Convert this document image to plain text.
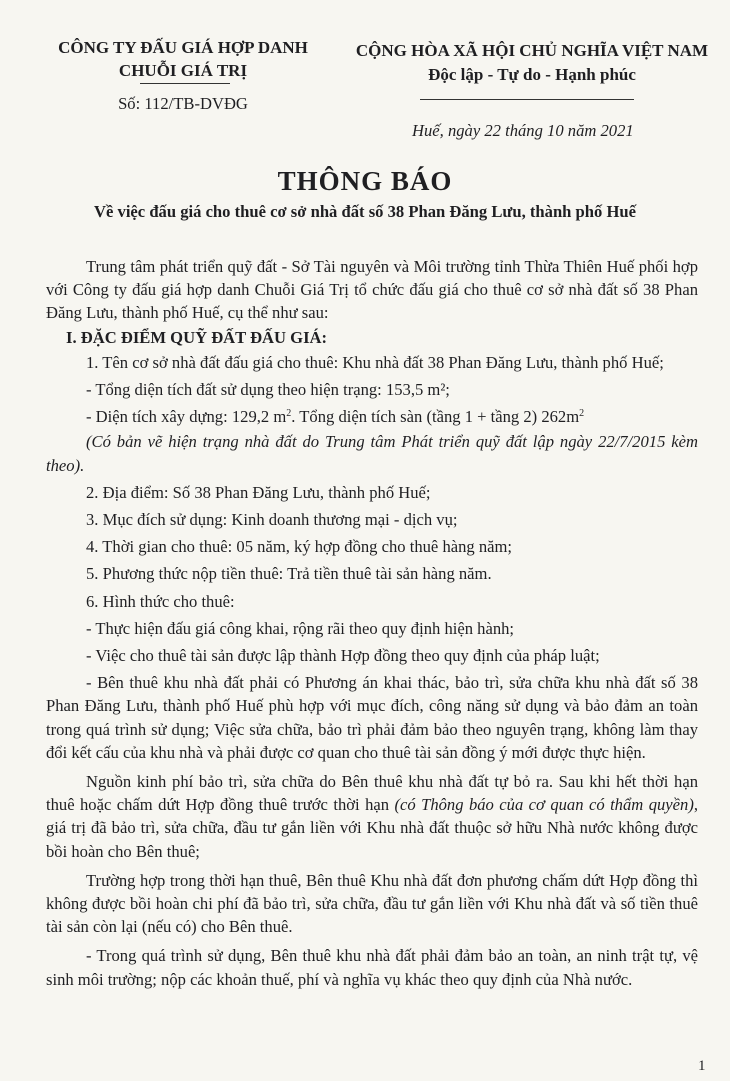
CÔNG TY ĐẤU GIÁ HỢP DANH
CHUỖI GIÁ TRỊ
Số: 112/TB-DVĐG
CỘNG HÒA XÃ HỘI CHỦ NGHĨA VIỆT NAM
Độc lập - Tự do - Hạnh phúc
Huế, ngày 22 tháng 10 năm 2021
THÔNG BÁO
Về việc đấu giá cho thuê cơ sở nhà đất số 38 Phan Đăng Lưu, thành phố Huế

Trung tâm phát triển quỹ đất - Sở Tài nguyên và Môi trường tỉnh Thừa Thiên Huế phối hợp với Công ty đấu giá hợp danh Chuỗi Giá Trị tổ chức đấu giá cho thuê cơ sở nhà đất số 38 Phan Đăng Lưu, thành phố Huế, cụ thể như sau:

I. ĐẶC ĐIỂM QUỸ ĐẤT ĐẤU GIÁ:

1. Tên cơ sở nhà đất đấu giá cho thuê: Khu nhà đất 38 Phan Đăng Lưu, thành phố Huế;

- Tổng diện tích đất sử dụng theo hiện trạng: 153,5 m²;

- Diện tích xây dựng: 129,2 $m^2$. Tổng diện tích sàn (tầng 1 + tầng 2) $262m^2$

(Có bản vẽ hiện trạng nhà đất do Trung tâm Phát triển quỹ đất lập ngày 22/7/2015 kèm theo).

2. Địa điểm: Số 38 Phan Đăng Lưu, thành phố Huế;

3. Mục đích sử dụng: Kinh doanh thương mại - dịch vụ;

4. Thời gian cho thuê: 05 năm, ký hợp đồng cho thuê hàng năm;

5. Phương thức nộp tiền thuê: Trả tiền thuê tài sản hàng năm.

6. Hình thức cho thuê:

- Thực hiện đấu giá công khai, rộng rãi theo quy định hiện hành;

- Việc cho thuê tài sản được lập thành Hợp đồng theo quy định của pháp luật;

- Bên thuê khu nhà đất phải có Phương án khai thác, bảo trì, sửa chữa khu nhà đất số 38 Phan Đăng Lưu, thành phố Huế phù hợp với mục đích, công năng sử dụng và bảo đảm an toàn trong quá trình sử dụng; Việc sửa chữa, bảo trì phải đảm bảo theo nguyên trạng, không làm thay đổi kết cấu của khu nhà và phải được cơ quan cho thuê tài sản đồng ý mới được thực hiện.

Nguồn kinh phí bảo trì, sửa chữa do Bên thuê khu nhà đất tự bỏ ra. Sau khi hết thời hạn thuê hoặc chấm dứt Hợp đồng thuê trước thời hạn (có Thông báo của cơ quan có thẩm quyền), giá trị đã bảo trì, sửa chữa, đầu tư gắn liền với Khu nhà đất thuộc sở hữu Nhà nước không được bồi hoàn cho Bên thuê;

Trường hợp trong thời hạn thuê, Bên thuê Khu nhà đất đơn phương chấm dứt Hợp đồng thì không được bồi hoàn chi phí đã bảo trì, sửa chữa, đầu tư gắn liền với Khu nhà đất và số tiền thuê tài sản còn lại (nếu có) cho Bên thuê.

- Trong quá trình sử dụng, Bên thuê khu nhà đất phải đảm bảo an toàn, an ninh trật tự, vệ sinh môi trường; nộp các khoản thuế, phí và nghĩa vụ khác theo quy định của Nhà nước.

1
